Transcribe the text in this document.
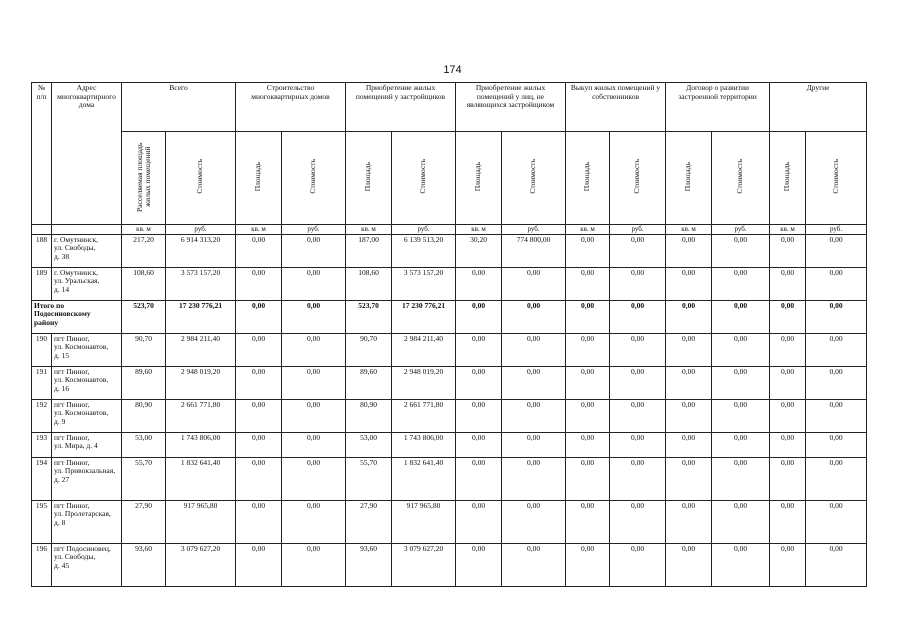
174
№ п/п	Адрес многоквартирного дома	Всего		Строительство многоквартирных домов		Приобретение жилых помещений у застройщиков		Приобретение жилых помещений у лиц, не являющихся застройщиком		Выкуп жилых помещений у собственников		Договор о развитии застроенной территории		Другие	
		Расселяемая площадь жилых помещений	Стоимость	Площадь	Стоимость	Площадь	Стоимость	Площадь	Стоимость	Площадь	Стоимость	Площадь	Стоимость	Площадь	Стоимость
		кв. м	руб.	кв. м	руб.	кв. м	руб.	кв. м	руб.	кв. м	руб.	кв. м	руб.	кв. м	руб.
188	г. Омутнинск,
ул. Свободы,
д. 38	217,20	6 914 313,20	0,00	0,00	187,00	6 139 513,20	30,20	774 800,00	0,00	0,00	0,00	0,00	0,00	0,00
189	г. Омутнинск,
ул. Уральская,
д. 14	108,60	3 573 157,20	0,00	0,00	108,60	3 573 157,20	0,00	0,00	0,00	0,00	0,00	0,00	0,00	0,00

Итого по
Подосиновскому
району		523,70	17 230 776,21	0,00	0,00	523,70	17 230 776,21	0,00	0,00	0,00	0,00	0,00	0,00	0,00	0,00
190	пгт Пинюг,
ул. Космонавтов,
д. 15	90,70	2 984 211,40	0,00	0,00	90,70	2 984 211,40	0,00	0,00	0,00	0,00	0,00	0,00	0,00	0,00
191	пгт Пинюг,
ул. Космонавтов,
д. 16	89,60	2 948 019,20	0,00	0,00	89,60	2 948 019,20	0,00	0,00	0,00	0,00	0,00	0,00	0,00	0,00
192	пгт Пинюг,
ул. Космонавтов,
д. 9	80,90	2 661 771,80	0,00	0,00	80,90	2 661 771,80	0,00	0,00	0,00	0,00	0,00	0,00	0,00	0,00
193	пгт Пинюг,
ул. Мира, д. 4	53,00	1 743 806,00	0,00	0,00	53,00	1 743 806,00	0,00	0,00	0,00	0,00	0,00	0,00	0,00	0,00
194	пгт Пинюг,
ул. Привокзальная,
д. 27	55,70	1 832 641,40	0,00	0,00	55,70	1 832 641,40	0,00	0,00	0,00	0,00	0,00	0,00	0,00	0,00
195	пгт Пинюг,
ул. Пролетарская,
д. 8	27,90	917 965,80	0,00	0,00	27,90	917 965,80	0,00	0,00	0,00	0,00	0,00	0,00	0,00	0,00
196	пгт Подосиновец,
ул. Свободы,
д. 45	93,60	3 079 627,20	0,00	0,00	93,60	3 079 627,20	0,00	0,00	0,00	0,00	0,00	0,00	0,00	0,00
